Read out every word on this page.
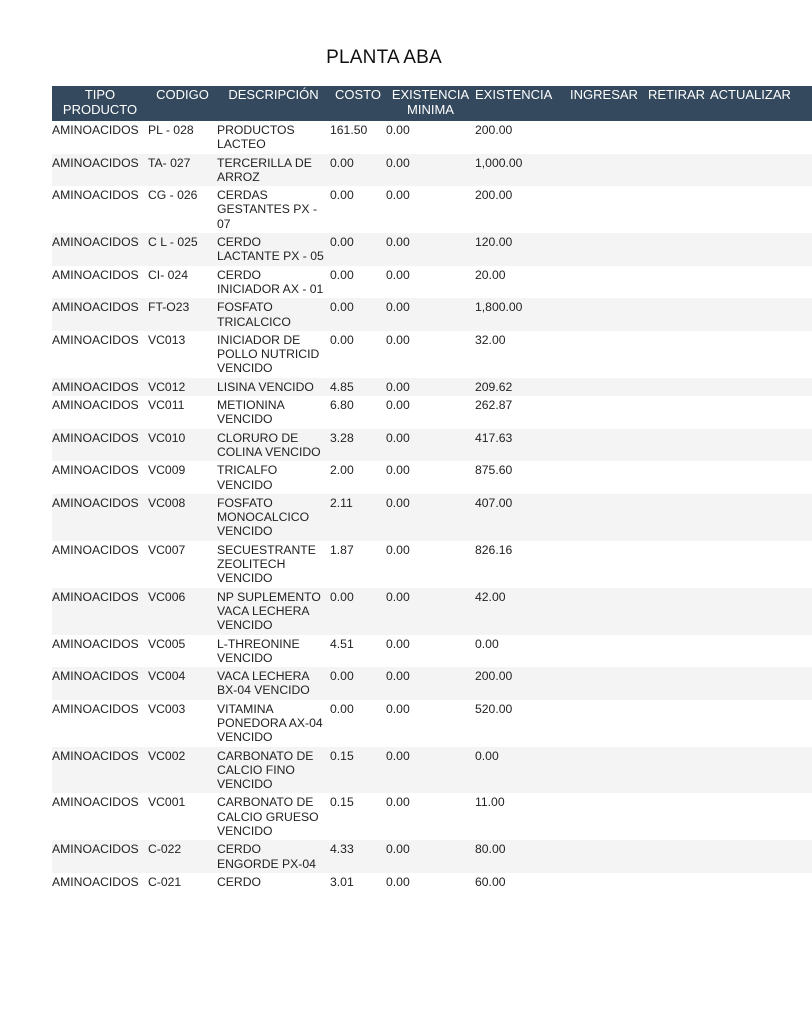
PLANTA ABA
TIPO PRODUCTO	CODIGO	DESCRIPCIÓN	COSTO	EXISTENCIA MINIMA	EXISTENCIA	INGRESAR	RETIRAR	ACTUALIZAR
AMINOACIDOS	PL - 028	PRODUCTOS LACTEO	161.50	0.00	200.00			
AMINOACIDOS	TA- 027	TERCERILLA DE ARROZ	0.00	0.00	1,000.00			
AMINOACIDOS	CG - 026	CERDAS GESTANTES PX - 07	0.00	0.00	200.00			
AMINOACIDOS	C L - 025	CERDO LACTANTE PX - 05	0.00	0.00	120.00			
AMINOACIDOS	CI- 024	CERDO INICIADOR AX - 01	0.00	0.00	20.00			
AMINOACIDOS	FT-O23	FOSFATO TRICALCICO	0.00	0.00	1,800.00			
AMINOACIDOS	VC013	INICIADOR DE POLLO NUTRICID VENCIDO	0.00	0.00	32.00			
AMINOACIDOS	VC012	LISINA VENCIDO	4.85	0.00	209.62			
AMINOACIDOS	VC011	METIONINA VENCIDO	6.80	0.00	262.87			
AMINOACIDOS	VC010	CLORURO DE COLINA VENCIDO	3.28	0.00	417.63			
AMINOACIDOS	VC009	TRICALFO VENCIDO	2.00	0.00	875.60			
AMINOACIDOS	VC008	FOSFATO MONOCALCICO VENCIDO	2.11	0.00	407.00			
AMINOACIDOS	VC007	SECUESTRANTE ZEOLITECH VENCIDO	1.87	0.00	826.16			
AMINOACIDOS	VC006	NP SUPLEMENTO VACA LECHERA VENCIDO	0.00	0.00	42.00			
AMINOACIDOS	VC005	L-THREONINE VENCIDO	4.51	0.00	0.00			
AMINOACIDOS	VC004	VACA LECHERA BX-04 VENCIDO	0.00	0.00	200.00			
AMINOACIDOS	VC003	VITAMINA PONEDORA AX-04 VENCIDO	0.00	0.00	520.00			
AMINOACIDOS	VC002	CARBONATO DE CALCIO FINO VENCIDO	0.15	0.00	0.00			
AMINOACIDOS	VC001	CARBONATO DE CALCIO GRUESO VENCIDO	0.15	0.00	11.00			
AMINOACIDOS	C-022	CERDO ENGORDE PX-04	4.33	0.00	80.00			
AMINOACIDOS	C-021	CERDO	3.01	0.00	60.00			
